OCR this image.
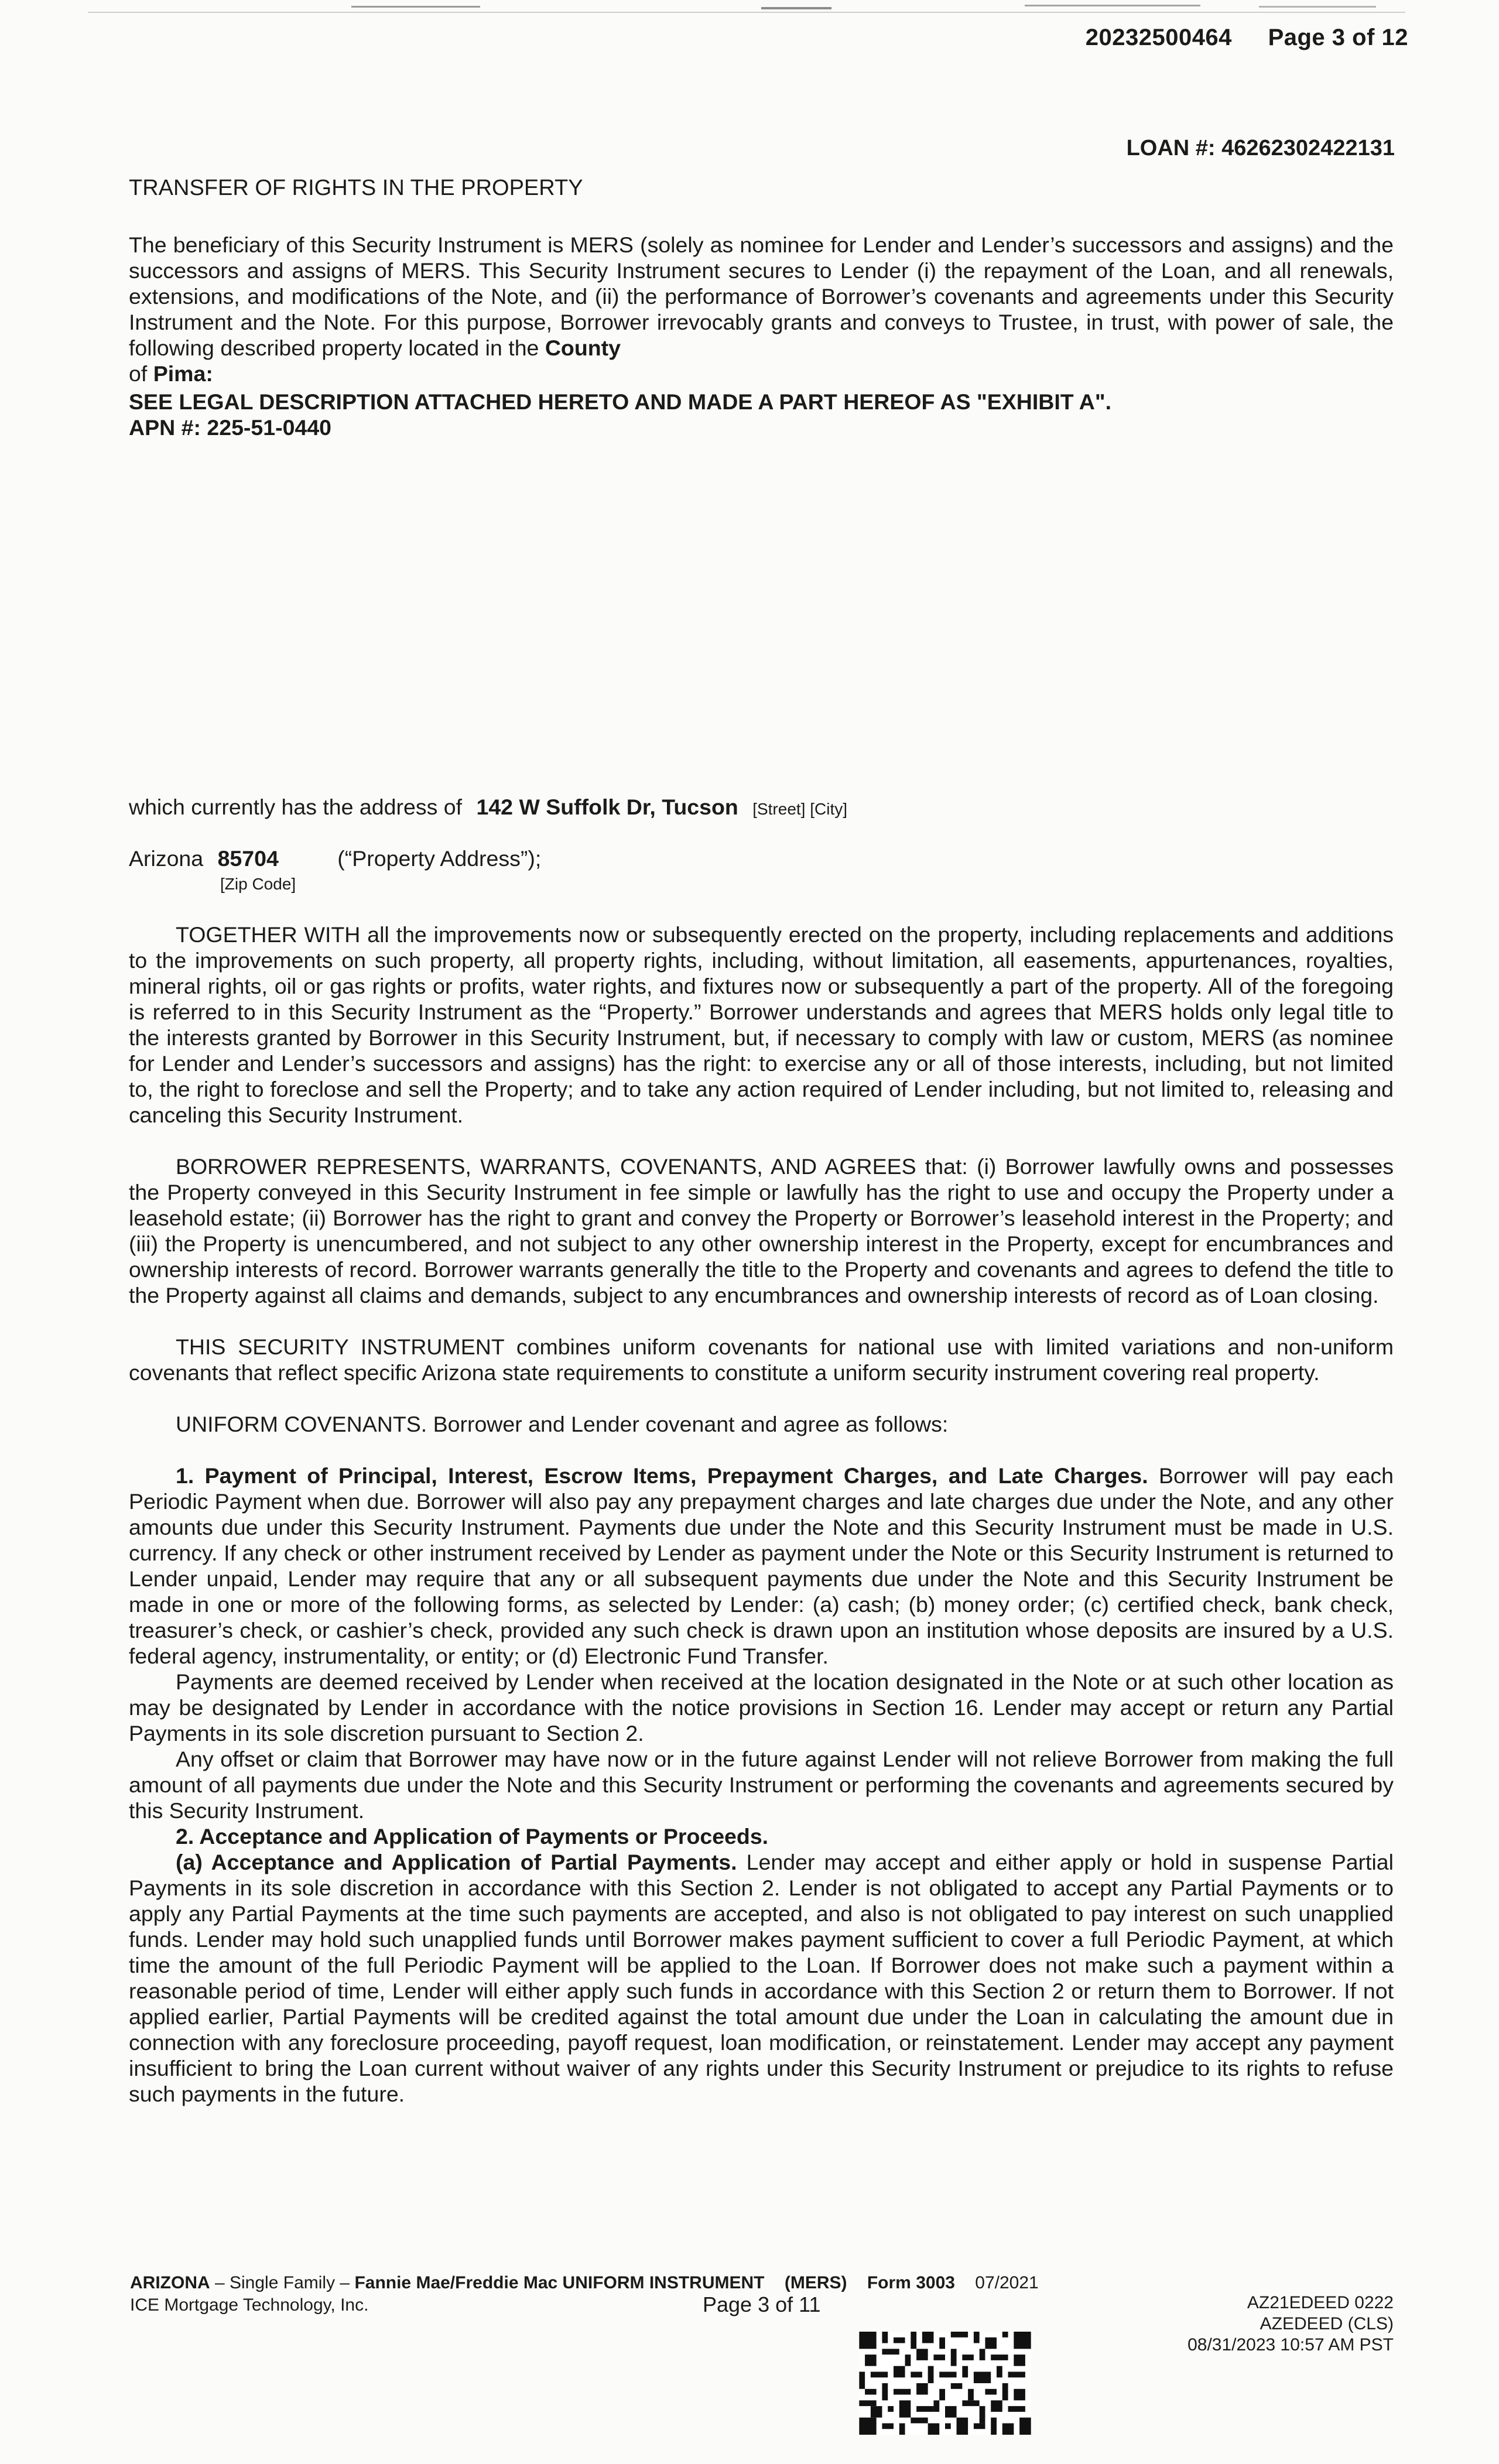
20232500464 Page 3 of 12
LOAN #: 46262302422131
TRANSFER OF RIGHTS IN THE PROPERTY

The beneficiary of this Security Instrument is MERS (solely as nominee for Lender and Lender’s successors and assigns) and the successors and assigns of MERS. This Security Instrument secures to Lender (i) the repayment of the Loan, and all renewals, extensions, and modifications of the Note, and (ii) the performance of Borrower’s covenants and agreements under this Security Instrument and the Note. For this purpose, Borrower irrevocably grants and conveys to Trustee, in trust, with power of sale, the following described property located in the County

of Pima:

SEE LEGAL DESCRIPTION ATTACHED HERETO AND MADE A PART HEREOF AS "EXHIBIT A".

APN #: 225-51-0440

which currently has the address of 142 W Suffolk Dr, Tucson [Street] [City]

Arizona 85704	(“Property Address”);

[Zip Code]

TOGETHER WITH all the improvements now or subsequently erected on the property, including replacements and additions to the improvements on such property, all property rights, including, without limitation, all easements, appurtenances, royalties, mineral rights, oil or gas rights or profits, water rights, and fixtures now or subsequently a part of the property. All of the foregoing is referred to in this Security Instrument as the “Property.” Borrower understands and agrees that MERS holds only legal title to the interests granted by Borrower in this Security Instrument, but, if necessary to comply with law or custom, MERS (as nominee for Lender and Lender’s successors and assigns) has the right: to exercise any or all of those interests, including, but not limited to, the right to foreclose and sell the Property; and to take any action required of Lender including, but not limited to, releasing and canceling this Security Instrument.

BORROWER REPRESENTS, WARRANTS, COVENANTS, AND AGREES that: (i) Borrower lawfully owns and possesses the Property conveyed in this Security Instrument in fee simple or lawfully has the right to use and occupy the Property under a leasehold estate; (ii) Borrower has the right to grant and convey the Property or Borrower’s leasehold interest in the Property; and (iii) the Property is unencumbered, and not subject to any other ownership interest in the Property, except for encumbrances and ownership interests of record. Borrower warrants generally the title to the Property and covenants and agrees to defend the title to the Property against all claims and demands, subject to any encumbrances and ownership interests of record as of Loan closing.

THIS SECURITY INSTRUMENT combines uniform covenants for national use with limited variations and non-uniform covenants that reflect specific Arizona state requirements to constitute a uniform security instrument covering real property.

UNIFORM COVENANTS. Borrower and Lender covenant and agree as follows:

1. Payment of Principal, Interest, Escrow Items, Prepayment Charges, and Late Charges. Borrower will pay each Periodic Payment when due. Borrower will also pay any prepayment charges and late charges due under the Note, and any other amounts due under this Security Instrument. Payments due under the Note and this Security Instrument must be made in U.S. currency. If any check or other instrument received by Lender as payment under the Note or this Security Instrument is returned to Lender unpaid, Lender may require that any or all subsequent payments due under the Note and this Security Instrument be made in one or more of the following forms, as selected by Lender: (a) cash; (b) money order; (c) certified check, bank check, treasurer’s check, or cashier’s check, provided any such check is drawn upon an institution whose deposits are insured by a U.S. federal agency, instrumentality, or entity; or (d) Electronic Fund Transfer.

Payments are deemed received by Lender when received at the location designated in the Note or at such other location as may be designated by Lender in accordance with the notice provisions in Section 16. Lender may accept or return any Partial Payments in its sole discretion pursuant to Section 2.

Any offset or claim that Borrower may have now or in the future against Lender will not relieve Borrower from making the full amount of all payments due under the Note and this Security Instrument or performing the covenants and agreements secured by this Security Instrument.

2. Acceptance and Application of Payments or Proceeds.

(a) Acceptance and Application of Partial Payments. Lender may accept and either apply or hold in suspense Partial Payments in its sole discretion in accordance with this Section 2. Lender is not obligated to accept any Partial Payments or to apply any Partial Payments at the time such payments are accepted, and also is not obligated to pay interest on such unapplied funds. Lender may hold such unapplied funds until Borrower makes payment sufficient to cover a full Periodic Payment, at which time the amount of the full Periodic Payment will be applied to the Loan. If Borrower does not make such a payment within a reasonable period of time, Lender will either apply such funds in accordance with this Section 2 or return them to Borrower. If not applied earlier, Partial Payments will be credited against the total amount due under the Loan in calculating the amount due in connection with any foreclosure proceeding, payoff request, loan modification, or reinstatement. Lender may accept any payment insufficient to bring the Loan current without waiver of any rights under this Security Instrument or prejudice to its rights to refuse such payments in the future.

ARIZONA – Single Family – Fannie Mae/Freddie Mac UNIFORM INSTRUMENT (MERS) Form 3003 07/2021
ICE Mortgage Technology, Inc.	Page 3 of 11	AZ21EDEED 0222
AZEDEED (CLS)
08/31/2023 10:57 AM PST
